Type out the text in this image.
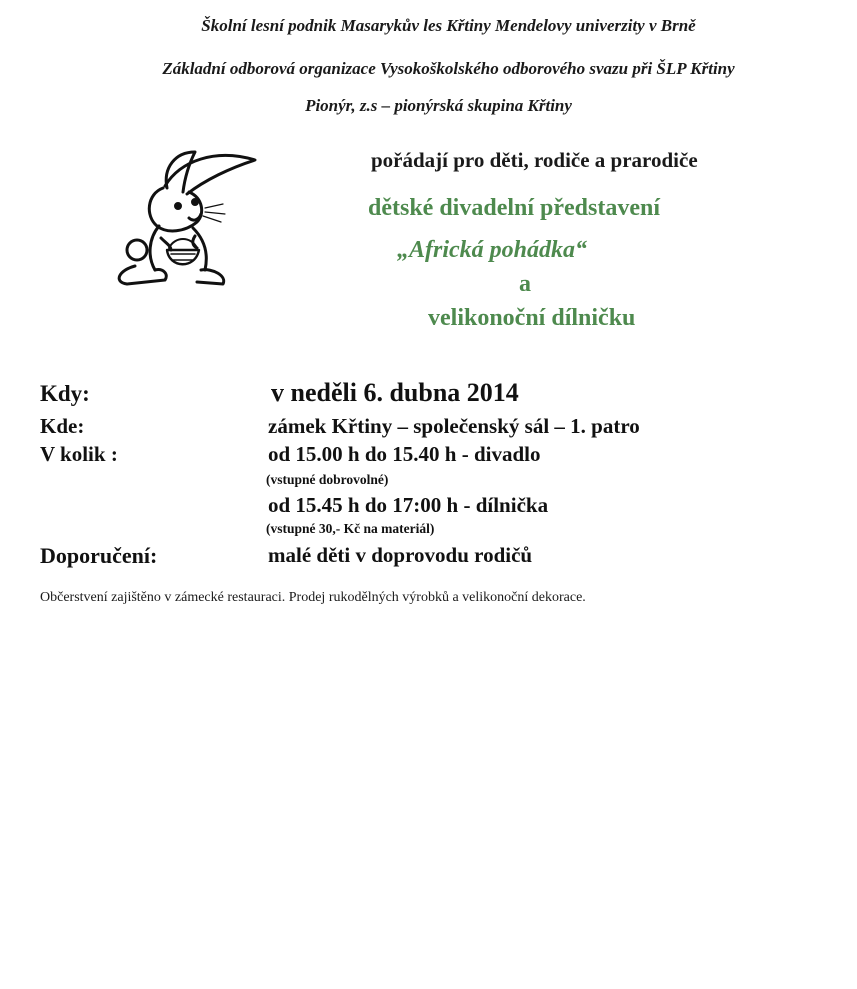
Školní lesní podnik Masarykův les Křtiny Mendelovy univerzity v Brně
Základní odborová organizace Vysokoškolského odborového svazu při ŠLP Křtiny
Pionýr, z.s – pionýrská skupina Křtiny
pořádají pro děti, rodiče a prarodiče
dětské divadelní představení
„Africká pohádka“
a
velikonoční dílničku
Kdy:	v neděli 6. dubna 2014
Kde:	zámek Křtiny – společenský sál – 1. patro
V kolik :	od 15.00 h do 15.40 h - divadlo
(vstupné dobrovolné)
od 15.45 h do 17:00 h - dílnička
(vstupné 30,- Kč na materiál)
Doporučení:	malé děti v doprovodu rodičů
Občerstvení zajištěno v zámecké restauraci. Prodej rukodělných výrobků a velikonoční dekorace.
